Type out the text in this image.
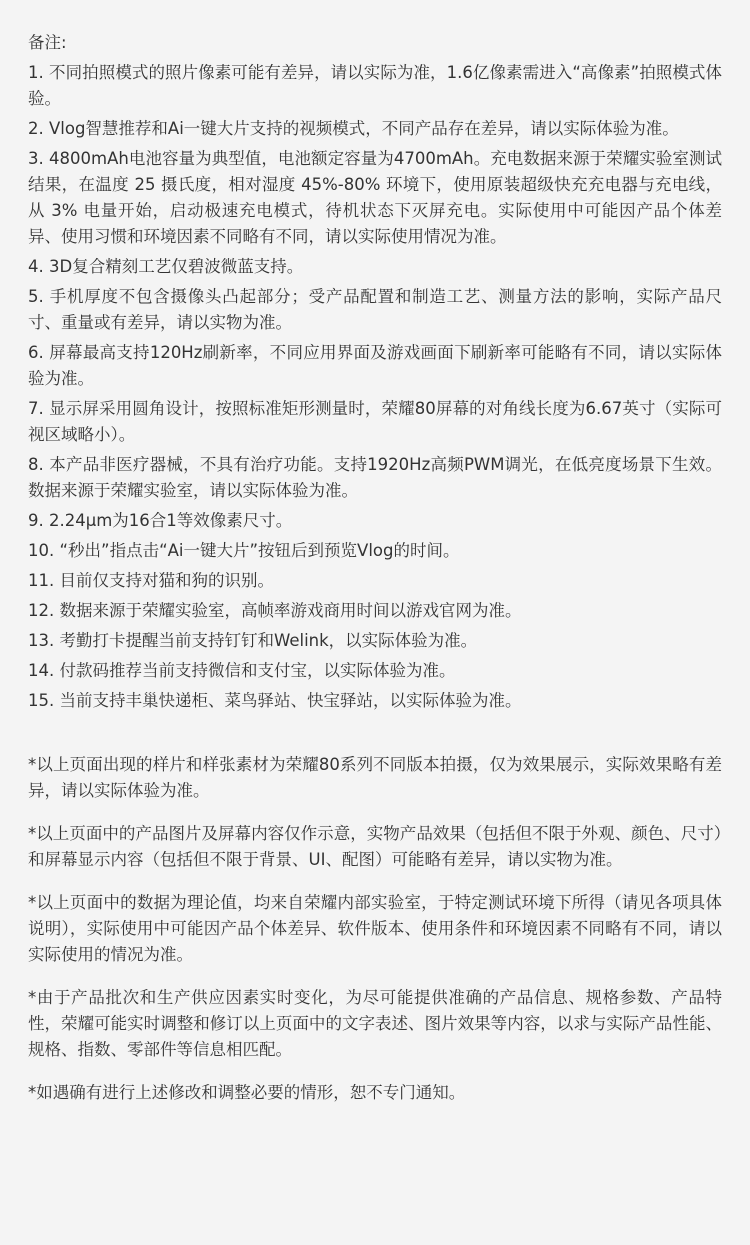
备注:
1. 不同拍照模式的照片像素可能有差异，请以实际为准，1.6亿像素需进入“高像素”拍照模式体验。
2. Vlog智慧推荐和Ai一键大片支持的视频模式，不同产品存在差异，请以实际体验为准。
3. 4800mAh电池容量为典型值，电池额定容量为4700mAh。充电数据来源于荣耀实验室测试结果，在温度 25 摄氏度，相对湿度 45%-80% 环境下，使用原装超级快充充电器与充电线，从 3% 电量开始，启动极速充电模式，待机状态下灭屏充电。实际使用中可能因产品个体差异、使用习惯和环境因素不同略有不同，请以实际使用情况为准。
4. 3D复合精刻工艺仅碧波微蓝支持。
5. 手机厚度不包含摄像头凸起部分；受产品配置和制造工艺、测量方法的影响，实际产品尺寸、重量或有差异，请以实物为准。
6. 屏幕最高支持120Hz刷新率，不同应用界面及游戏画面下刷新率可能略有不同，请以实际体验为准。
7. 显示屏采用圆角设计，按照标准矩形测量时，荣耀80屏幕的对角线长度为6.67英寸（实际可视区域略小）。
8. 本产品非医疗器械，不具有治疗功能。支持1920Hz高频PWM调光，在低亮度场景下生效。数据来源于荣耀实验室，请以实际体验为准。
9. 2.24μm为16合1等效像素尺寸。
10. “秒出”指点击“Ai一键大片”按钮后到预览Vlog的时间。
11. 目前仅支持对猫和狗的识别。
12. 数据来源于荣耀实验室，高帧率游戏商用时间以游戏官网为准。
13. 考勤打卡提醒当前支持钉钉和Welink，以实际体验为准。
14. 付款码推荐当前支持微信和支付宝，以实际体验为准。
15. 当前支持丰巢快递柜、菜鸟驿站、快宝驿站，以实际体验为准。

*以上页面出现的样片和样张素材为荣耀80系列不同版本拍摄，仅为效果展示，实际效果略有差异，请以实际体验为准。

*以上页面中的产品图片及屏幕内容仅作示意，实物产品效果（包括但不限于外观、颜色、尺寸）和屏幕显示内容（包括但不限于背景、UI、配图）可能略有差异，请以实物为准。

*以上页面中的数据为理论值，均来自荣耀内部实验室，于特定测试环境下所得（请见各项具体说明），实际使用中可能因产品个体差异、软件版本、使用条件和环境因素不同略有不同，请以实际使用的情况为准。

*由于产品批次和生产供应因素实时变化，为尽可能提供准确的产品信息、规格参数、产品特性，荣耀可能实时调整和修订以上页面中的文字表述、图片效果等内容，以求与实际产品性能、规格、指数、零部件等信息相匹配。

*如遇确有进行上述修改和调整必要的情形，恕不专门通知。
